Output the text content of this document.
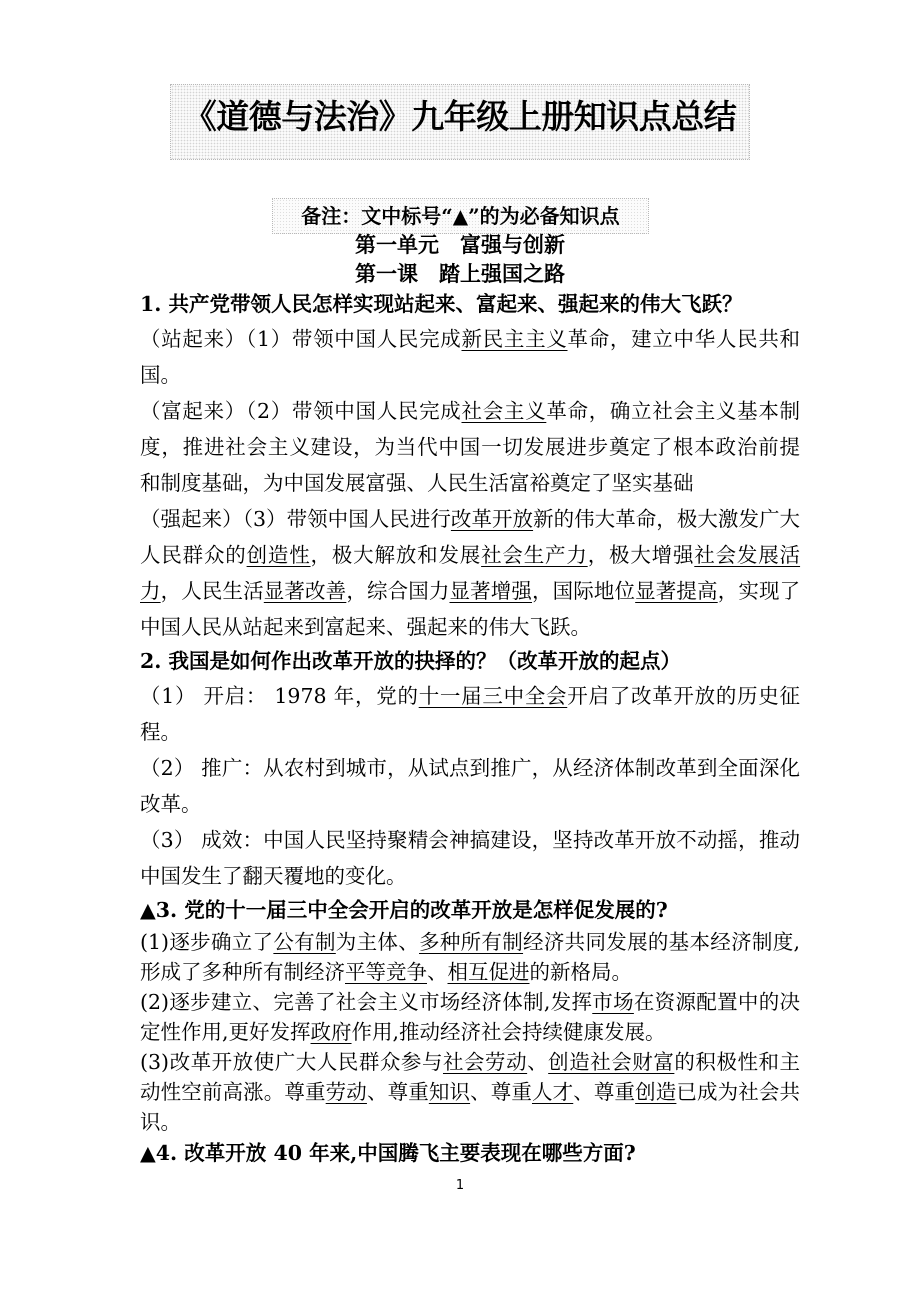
《道德与法治》九年级上册知识点总结
备注：文中标号“▲”的为必备知识点
第一单元　富强与创新
第一课　踏上强国之路
1. 共产党带领人民怎样实现站起来、富起来、强起来的伟大飞跃？
（站起来）（1）带领中国人民完成新民主主义革命，建立中华人民共和国。
（富起来）（2）带领中国人民完成社会主义革命，确立社会主义基本制度，推进社会主义建设，为当代中国一切发展进步奠定了根本政治前提　和制度基础，为中国发展富强、人民生活富裕奠定了坚实基础
（强起来）（3）带领中国人民进行改革开放新的伟大革命，极大激发广大人民群众的创造性，极大解放和发展社会生产力，极大增强社会发展活力，人民生活显著改善，综合国力显著增强，国际地位显著提高，实现了中国人民从站起来到富起来、强起来的伟大飞跃。
2. 我国是如何作出改革开放的抉择的？（改革开放的起点）
（1） 开启： 1978 年，党的十一届三中全会开启了改革开放的历史征程。
（2） 推广：从农村到城市，从试点到推广，从经济体制改革到全面深化改革。
（3） 成效：中国人民坚持聚精会神搞建设，坚持改革开放不动摇，推动中国发生了翻天覆地的变化。
▲3. 党的十一届三中全会开启的改革开放是怎样促发展的?
(1)逐步确立了公有制为主体、多种所有制经济共同发展的基本经济制度,形成了多种所有制经济平等竞争、相互促进的新格局。
(2)逐步建立、完善了社会主义市场经济体制,发挥市场在资源配置中的决定性作用,更好发挥政府作用,推动经济社会持续健康发展。
(3)改革开放使广大人民群众参与社会劳动、创造社会财富的积极性和主动性空前高涨。尊重劳动、尊重知识、尊重人才、尊重创造已成为社会共识。
▲4. 改革开放 40 年来,中国腾飞主要表现在哪些方面?
1
